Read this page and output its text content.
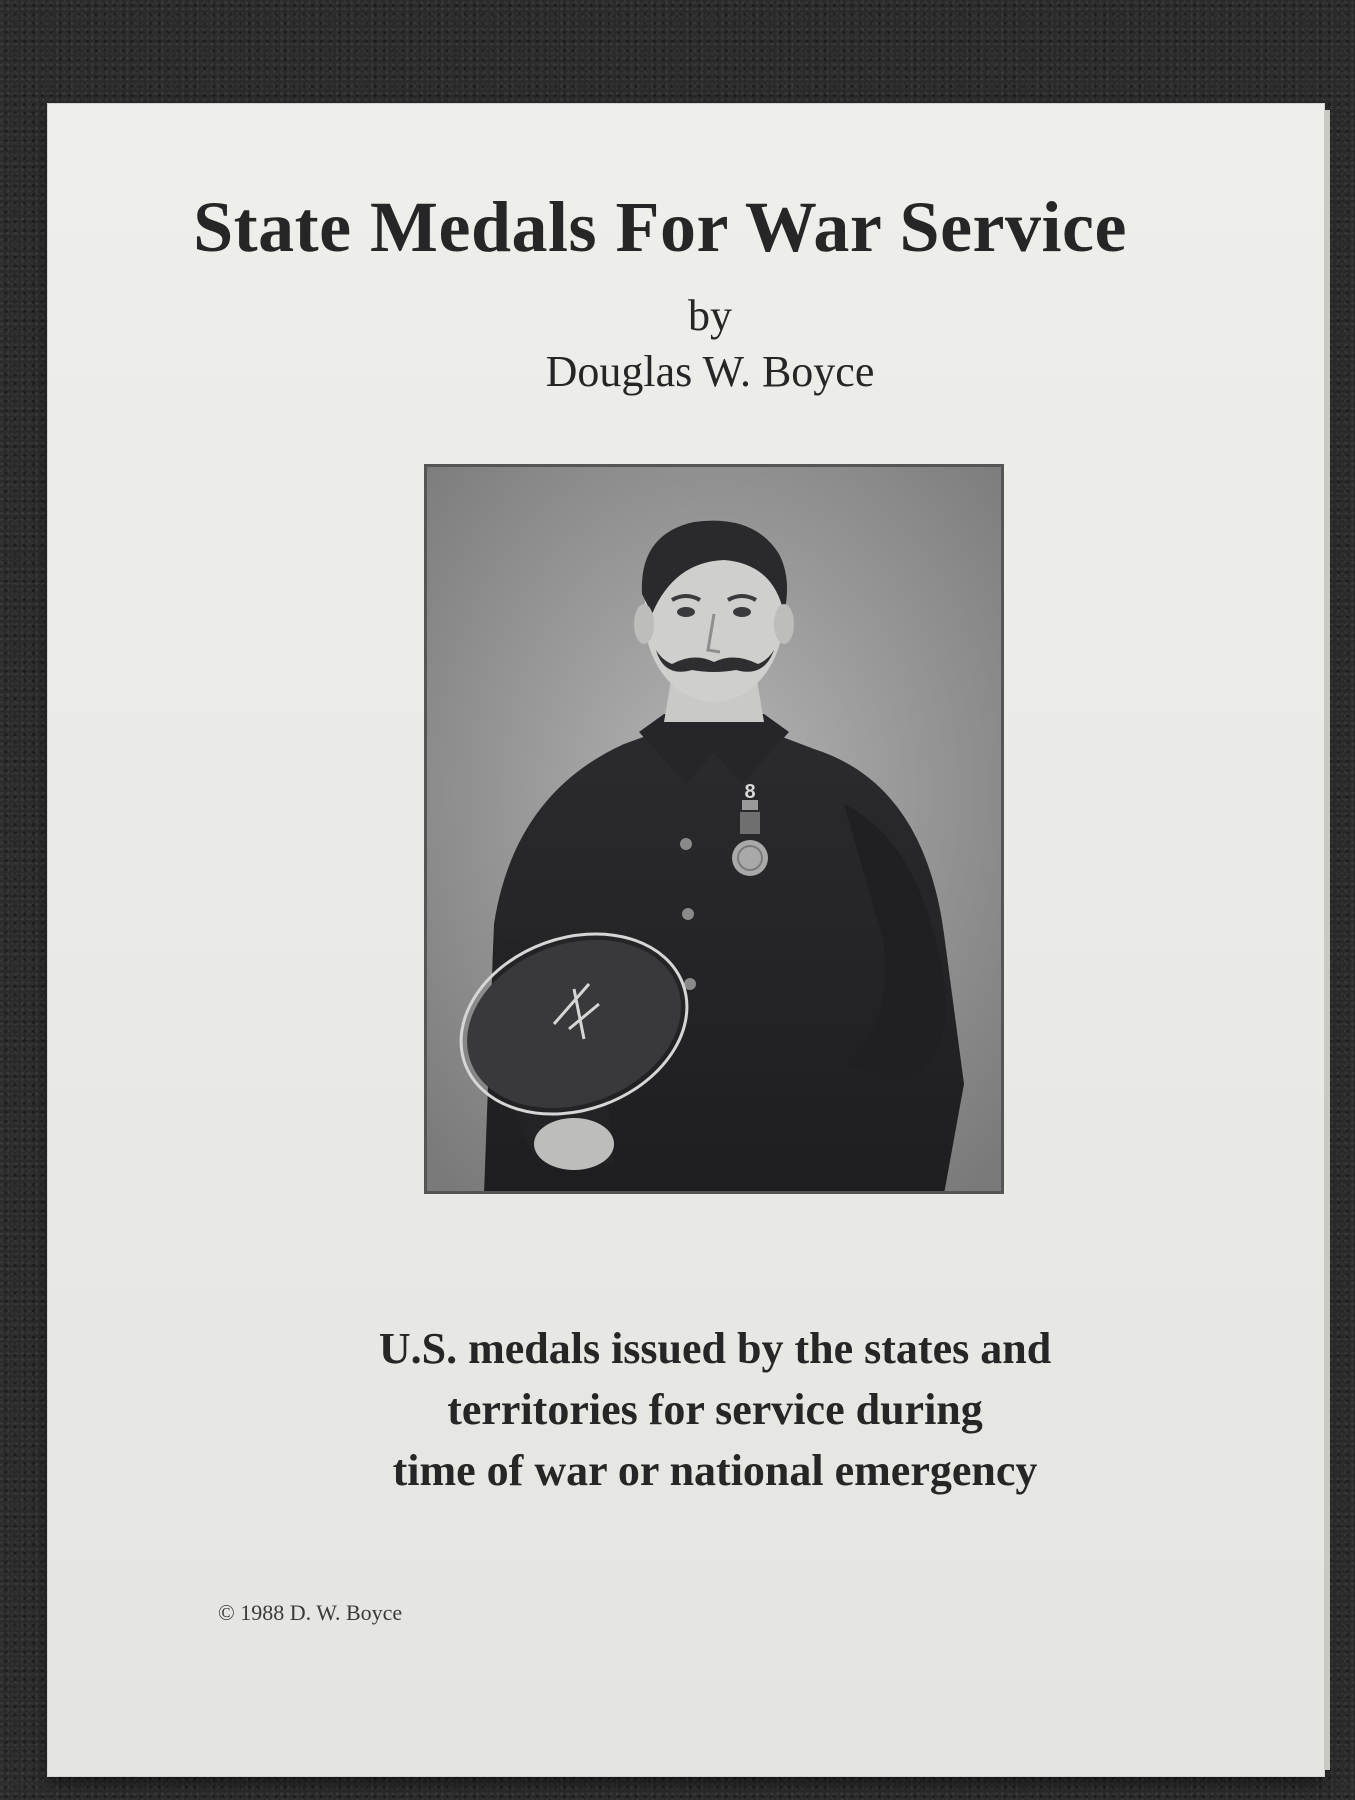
State Medals For War Service

by

Douglas W. Boyce

8
U.S. medals issued by the states and
territories for service during
time of war or national emergency

© 1988 D. W. Boyce
